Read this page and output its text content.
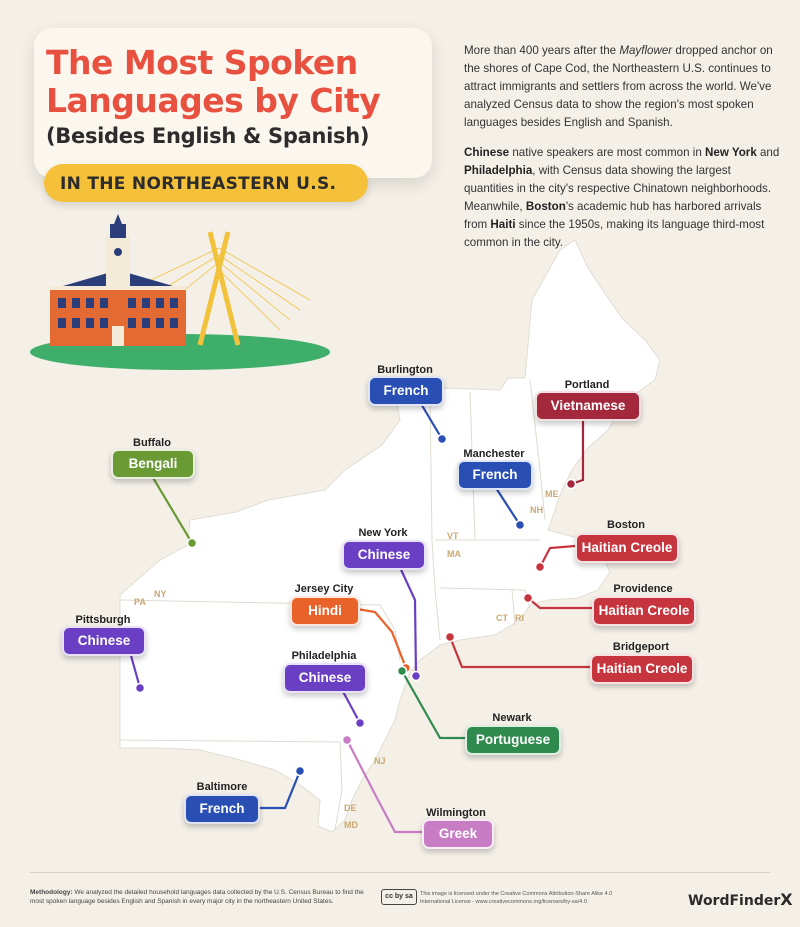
NY
PA
VT
NH
ME
MA
CT RI
NJ
DE
MD
The Most Spoken Languages by City
(Besides English & Spanish)
IN THE NORTHEASTERN U.S.

More than 400 years after the Mayflower dropped anchor on the shores of Cape Cod, the Northeastern U.S. continues to attract immigrants and settlers from across the world. We've analyzed Census data to show the region's most spoken languages besides English and Spanish.

Chinese native speakers are most common in New York and Philadelphia, with Census data showing the largest quantities in the city's respective Chinatown neighborhoods. Meanwhile, Boston's academic hub has harbored arrivals from Haiti since the 1950s, making its language third-most common in the city.

Burlington
French	Portland
Vietnamese
Buffalo
Bengali
Manchester
French
Boston
Haitian Creole
New York
Chinese
Providence
Haitian Creole
Jersey City
Hindi
Bridgeport
Haitian Creole
Pittsburgh
Chinese
Philadelphia
Chinese
Newark
Portuguese
Baltimore
French	Wilmington
Greek
Methodology: We analyzed the detailed household languages data collected by the U.S. Census Bureau to find the most spoken language besides English and Spanish in every major city in the northeastern United States.
cc by sa	This image is licensed under the Creative Commons Attribution-Share Alike 4.0 International License - www.creativecommons.org/licenses/by-sa/4.0	WordFinderX
